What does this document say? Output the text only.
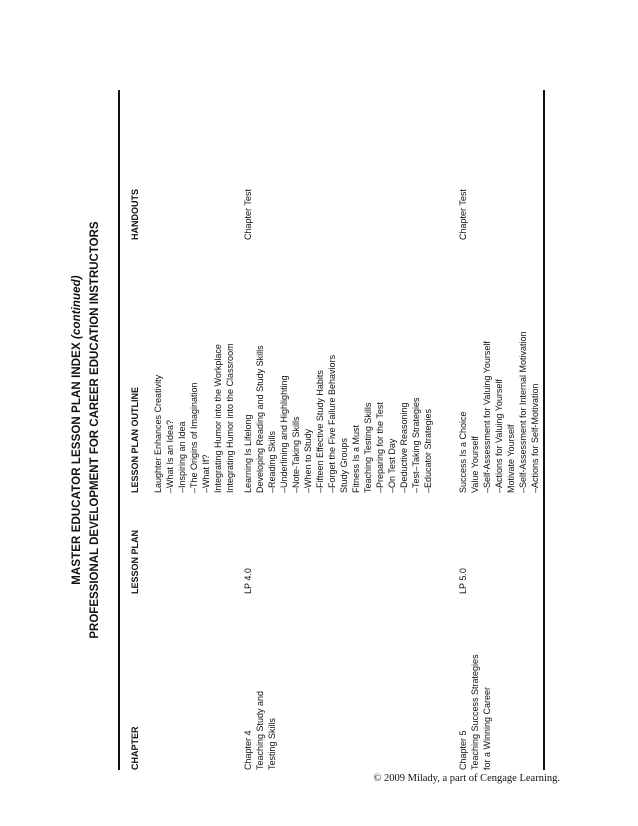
MASTER EDUCATOR LESSON PLAN INDEX (continued) PROFESSIONAL DEVELOPMENT FOR CAREER EDUCATION INSTRUCTORS
CHAPTER
LESSON PLAN
LESSON PLAN OUTLINE
HANDOUTS
Laughter Enhances Creativity –What Is an Idea? –Inspiring an Idea –The Origins of Imagination –What If? Integrating Humor into the Workplace Integrating Humor into the Classroom
Chapter 4 Teaching Study and Testing Skills
LP 4.0
Learning Is Lifelong Developing Reading and Study Skills –Reading Skills –Underlining and Highlighting –Note-Taking Skills –When to Study –Fifteen Effective Study Habits –Forget the Five Failure Behaviors Study Groups Fitness Is a Must Teaching Testing Skills –Preparing for the Test –On Test Day –Deductive Reasoning –Test–Taking Strategies –Educator Strategies
Chapter Test
Chapter 5 Teaching Success Strategies for a Winning Career
LP 5.0
Success Is a Choice Value Yourself –Self-Assessment for Valuing Yourself –Actions for Valuing Yourself Motivate Yourself –Self-Assessment for Internal Motivation –Actions for Self-Motivation
Chapter Test
© 2009 Milady, a part of Cengage Learning.
